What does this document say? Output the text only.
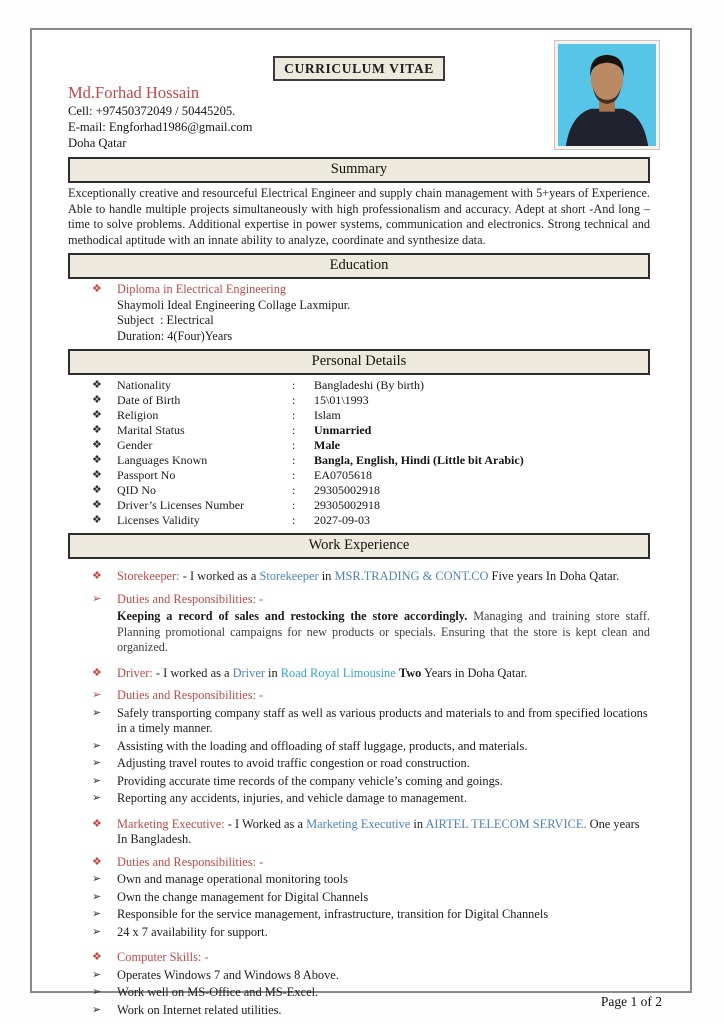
CURRICULUM VITAE
Md.Forhad Hossain
Cell: +97450372049 / 50445205.
E-mail: Engforhad1986@gmail.com
Doha Qatar
Summary
Exceptionally creative and resourceful Electrical Engineer and supply chain management with 5+years of Experience. Able to handle multiple projects simultaneously with high professionalism and accuracy. Adept at short -And long – time to solve problems. Additional expertise in power systems, communication and electronics. Strong technical and methodical aptitude with an innate ability to analyze, coordinate and synthesize data.
Education
❖	Diploma in Electrical Engineering
Shaymoli Ideal Engineering Collage Laxmipur.
Subject  : Electrical
Duration: 4(Four)Years
Personal Details
❖	Nationality	:	Bangladeshi (By birth)
❖	Date of Birth	:	15\01\1993
❖	Religion	:	Islam
❖	Marital Status	:	Unmarried
❖	Gender	:	Male
❖	Languages Known	:	Bangla, English, Hindi (Little bit Arabic)
❖	Passport No	:	EA0705618
❖	QID No	:	29305002918
❖	Driver’s Licenses Number	:	29305002918
❖	Licenses Validity	:	2027-09-03
Work Experience
❖	Storekeeper: - I worked as a Storekeeper in MSR.TRADING & CONT.CO Five years In Doha Qatar.
➢	Duties and Responsibilities: -
Keeping a record of sales and restocking the store accordingly. Managing and training store staff. Planning promotional campaigns for new products or specials. Ensuring that the store is kept clean and organized.
❖	Driver: - I worked as a Driver in Road Royal Limousine Two Years in Doha Qatar.
➢	Duties and Responsibilities: -
➢	Safely transporting company staff as well as various products and materials to and from specified locations in a timely manner.
➢	Assisting with the loading and offloading of staff luggage, products, and materials.
➢	Adjusting travel routes to avoid traffic congestion or road construction.
➢	Providing accurate time records of the company vehicle’s coming and goings.
➢	Reporting any accidents, injuries, and vehicle damage to management.
❖	Marketing Executive: - I Worked as a Marketing Executive in AIRTEL TELECOM SERVICE. One years In Bangladesh.
❖	Duties and Responsibilities: -
➢	Own and manage operational monitoring tools
➢	Own the change management for Digital Channels
➢	Responsible for the service management, infrastructure, transition for Digital Channels
➢	24 x 7 availability for support.
❖	Computer Skills: -
➢	Operates Windows 7 and Windows 8 Above.
➢	Work well on MS-Office and MS-Excel.
➢	Work on Internet related utilities.
Page 1 of 2
